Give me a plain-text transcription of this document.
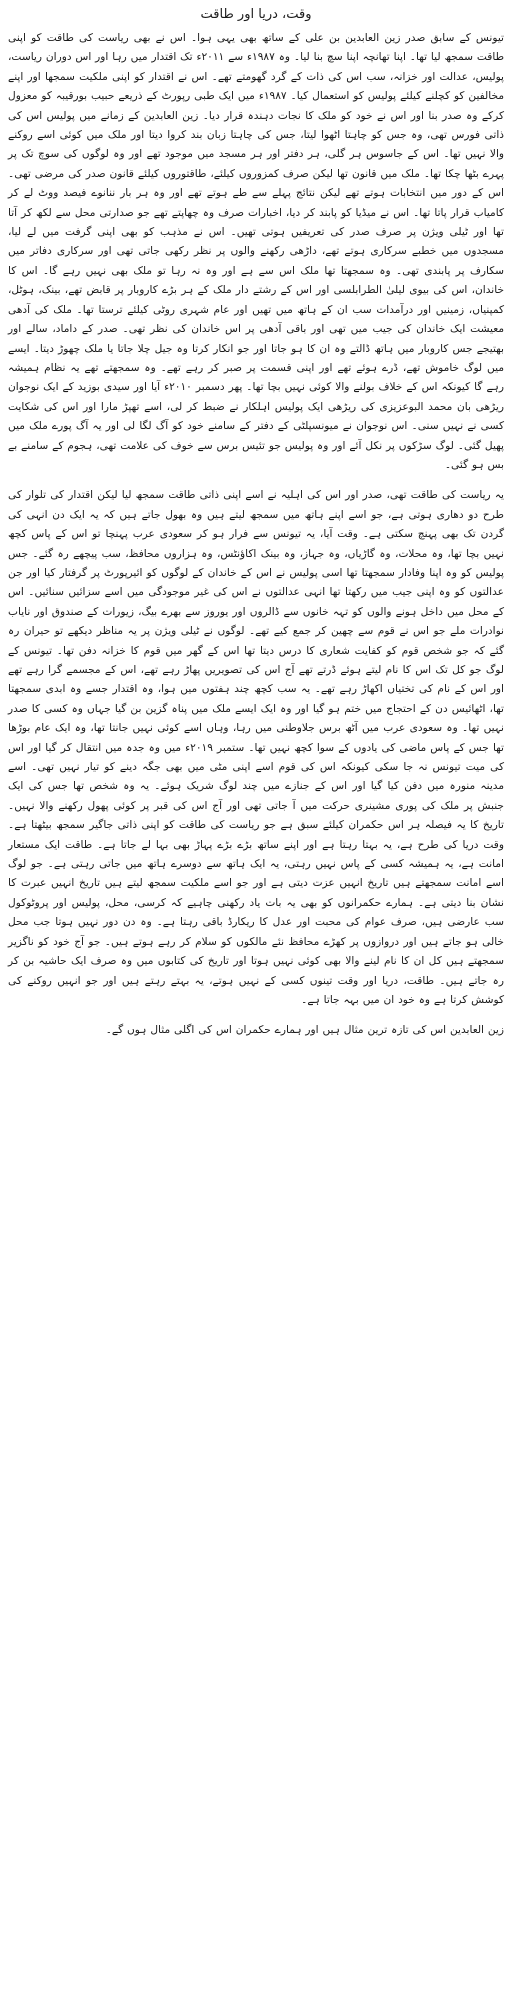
وقت، دریا اور طاقت

تیونس کے سابق صدر زین العابدین بن علی کے ساتھ بھی یہی ہوا۔ اس نے بھی ریاست کی طاقت کو اپنی طاقت سمجھ لیا تھا۔ اپنا تھانچہ اپنا سچ بنا لیا۔ وہ ۱۹۸۷ء سے ۲۰۱۱ء تک اقتدار میں رہا اور اس دوران ریاست، پولیس، عدالت اور خزانہ، سب اس کی ذات کے گرد گھومتے تھے۔ اس نے اقتدار کو اپنی ملکیت سمجھا اور اپنے مخالفین کو کچلنے کیلئے پولیس کو استعمال کیا۔ ۱۹۸۷ء میں ایک طبی رپورٹ کے ذریعے حبیب بورقیبہ کو معزول کرکے وہ صدر بنا اور اس نے خود کو ملک کا نجات دہندہ قرار دیا۔ زین العابدین کے زمانے میں پولیس اس کی ذاتی فورس تھی، وہ جس کو چاہتا اٹھوا لیتا، جس کی چاہتا زبان بند کروا دیتا اور ملک میں کوئی اسے روکنے والا نہیں تھا۔ اس کے جاسوس ہر گلی، ہر دفتر اور ہر مسجد میں موجود تھے اور وہ لوگوں کی سوچ تک پر پہرے بٹھا چکا تھا۔ ملک میں قانون تھا لیکن صرف کمزوروں کیلئے، طاقتوروں کیلئے قانون صدر کی مرضی تھی۔ اس کے دور میں انتخابات ہوتے تھے لیکن نتائج پہلے سے طے ہوتے تھے اور وہ ہر بار ننانوے فیصد ووٹ لے کر کامیاب قرار پاتا تھا۔ اس نے میڈیا کو پابند کر دیا، اخبارات صرف وہ چھاپتے تھے جو صدارتی محل سے لکھ کر آتا تھا اور ٹیلی ویژن پر صرف صدر کی تعریفیں ہوتی تھیں۔ اس نے مذہب کو بھی اپنی گرفت میں لے لیا، مسجدوں میں خطبے سرکاری ہوتے تھے، داڑھی رکھنے والوں پر نظر رکھی جاتی تھی اور سرکاری دفاتر میں سکارف پر پابندی تھی۔ وہ سمجھتا تھا ملک اس سے ہے اور وہ نہ رہا تو ملک بھی نہیں رہے گا۔ اس کا خاندان، اس کی بیوی لیلیٰ الطرابلسی اور اس کے رشتے دار ملک کے ہر بڑے کاروبار پر قابض تھے، بینک، ہوٹل، کمپنیاں، زمینیں اور درآمدات سب ان کے ہاتھ میں تھیں اور عام شہری روٹی کیلئے ترستا تھا۔ ملک کی آدھی معیشت ایک خاندان کی جیب میں تھی اور باقی آدھی پر اس خاندان کی نظر تھی۔ صدر کے داماد، سالے اور بھتیجے جس کاروبار میں ہاتھ ڈالتے وہ ان کا ہو جاتا اور جو انکار کرتا وہ جیل چلا جاتا یا ملک چھوڑ دیتا۔ ایسے میں لوگ خاموش تھے، ڈرے ہوئے تھے اور اپنی قسمت پر صبر کر رہے تھے۔ وہ سمجھتے تھے یہ نظام ہمیشہ رہے گا کیونکہ اس کے خلاف بولنے والا کوئی نہیں بچا تھا۔ پھر دسمبر ۲۰۱۰ء آیا اور سیدی بوزید کے ایک نوجوان ریڑھی بان محمد البوعزیزی کی ریڑھی ایک پولیس اہلکار نے ضبط کر لی، اسے تھپڑ مارا اور اس کی شکایت کسی نے نہیں سنی۔ اس نوجوان نے میونسپلٹی کے دفتر کے سامنے خود کو آگ لگا لی اور یہ آگ پورے ملک میں پھیل گئی۔ لوگ سڑکوں پر نکل آئے اور وہ پولیس جو تئیس برس سے خوف کی علامت تھی، ہجوم کے سامنے بے بس ہو گئی۔

یہ ریاست کی طاقت تھی، صدر اور اس کی اہلیہ نے اسے اپنی ذاتی طاقت سمجھ لیا لیکن اقتدار کی تلوار کی طرح دو دھاری ہوتی ہے، جو اسے اپنے ہاتھ میں سمجھ لیتے ہیں وہ بھول جاتے ہیں کہ یہ ایک دن انہی کی گردن تک بھی پہنچ سکتی ہے۔ وقت آیا، یہ تیونس سے فرار ہو کر سعودی عرب پہنچا تو اس کے پاس کچھ نہیں بچا تھا، وہ محلات، وہ گاڑیاں، وہ جہاز، وہ بینک اکاؤنٹس، وہ ہزاروں محافظ، سب پیچھے رہ گئے۔ جس پولیس کو وہ اپنا وفادار سمجھتا تھا اسی پولیس نے اس کے خاندان کے لوگوں کو ائیرپورٹ پر گرفتار کیا اور جن عدالتوں کو وہ اپنی جیب میں رکھتا تھا انہی عدالتوں نے اس کی غیر موجودگی میں اسے سزائیں سنائیں۔ اس کے محل میں داخل ہونے والوں کو تہہ خانوں سے ڈالروں اور یوروز سے بھرے بیگ، زیورات کے صندوق اور نایاب نوادرات ملے جو اس نے قوم سے چھین کر جمع کیے تھے۔ لوگوں نے ٹیلی ویژن پر یہ مناظر دیکھے تو حیران رہ گئے کہ جو شخص قوم کو کفایت شعاری کا درس دیتا تھا اس کے گھر میں قوم کا خزانہ دفن تھا۔ تیونس کے لوگ جو کل تک اس کا نام لیتے ہوئے ڈرتے تھے آج اس کی تصویریں پھاڑ رہے تھے، اس کے مجسمے گرا رہے تھے اور اس کے نام کی تختیاں اکھاڑ رہے تھے۔ یہ سب کچھ چند ہفتوں میں ہوا، وہ اقتدار جسے وہ ابدی سمجھتا تھا، اٹھائیس دن کے احتجاج میں ختم ہو گیا اور وہ ایک ایسے ملک میں پناہ گزین بن گیا جہاں وہ کسی کا صدر نہیں تھا۔ وہ سعودی عرب میں آٹھ برس جلاوطنی میں رہا، وہاں اسے کوئی نہیں جانتا تھا، وہ ایک عام بوڑھا تھا جس کے پاس ماضی کی یادوں کے سوا کچھ نہیں تھا۔ ستمبر ۲۰۱۹ء میں وہ جدہ میں انتقال کر گیا اور اس کی میت تیونس نہ جا سکی کیونکہ اس کی قوم اسے اپنی مٹی میں بھی جگہ دینے کو تیار نہیں تھی۔ اسے مدینہ منورہ میں دفن کیا گیا اور اس کے جنازے میں چند لوگ شریک ہوئے۔ یہ وہ شخص تھا جس کی ایک جنبش پر ملک کی پوری مشینری حرکت میں آ جاتی تھی اور آج اس کی قبر پر کوئی پھول رکھنے والا نہیں۔ تاریخ کا یہ فیصلہ ہر اس حکمران کیلئے سبق ہے جو ریاست کی طاقت کو اپنی ذاتی جاگیر سمجھ بیٹھتا ہے۔ وقت دریا کی طرح ہے، یہ بہتا رہتا ہے اور اپنے ساتھ بڑے بڑے پہاڑ بھی بہا لے جاتا ہے۔ طاقت ایک مستعار امانت ہے، یہ ہمیشہ کسی کے پاس نہیں رہتی، یہ ایک ہاتھ سے دوسرے ہاتھ میں جاتی رہتی ہے۔ جو لوگ اسے امانت سمجھتے ہیں تاریخ انہیں عزت دیتی ہے اور جو اسے ملکیت سمجھ لیتے ہیں تاریخ انہیں عبرت کا نشان بنا دیتی ہے۔ ہمارے حکمرانوں کو بھی یہ بات یاد رکھنی چاہیے کہ کرسی، محل، پولیس اور پروٹوکول سب عارضی ہیں، صرف عوام کی محبت اور عدل کا ریکارڈ باقی رہتا ہے۔ وہ دن دور نہیں ہوتا جب محل خالی ہو جاتے ہیں اور دروازوں پر کھڑے محافظ نئے مالکوں کو سلام کر رہے ہوتے ہیں۔ جو آج خود کو ناگزیر سمجھتے ہیں کل ان کا نام لینے والا بھی کوئی نہیں ہوتا اور تاریخ کی کتابوں میں وہ صرف ایک حاشیہ بن کر رہ جاتے ہیں۔ طاقت، دریا اور وقت تینوں کسی کے نہیں ہوتے، یہ بہتے رہتے ہیں اور جو انہیں روکنے کی کوشش کرتا ہے وہ خود ان میں بہہ جاتا ہے۔

زین العابدین اس کی تازہ ترین مثال ہیں اور ہمارے حکمران اس کی اگلی مثال ہوں گے۔
